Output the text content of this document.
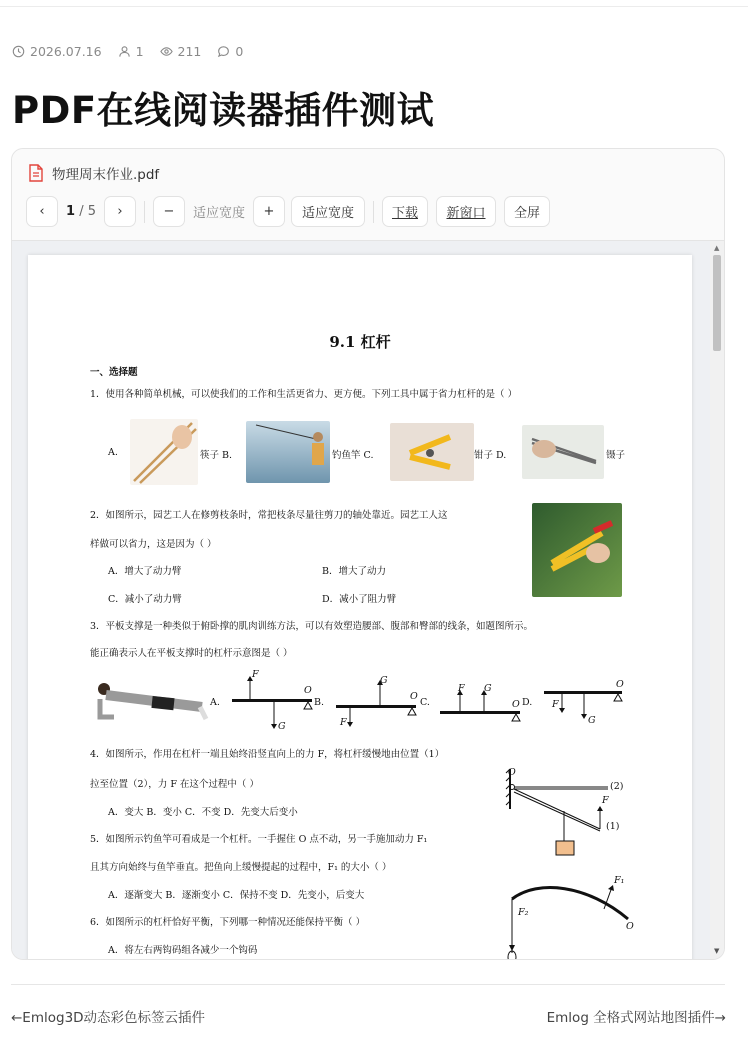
2026.07.16	1	211	0
PDF在线阅读器插件测试
物理周末作业.pdf
‹	1 / 5	›	−	适应宽度	+	适应宽度	下载	新窗口	全屏
9.1 杠杆
一、选择题
1．使用各种简单机械，可以使我们的工作和生活更省力、更方便。下列工具中属于省力杠杆的是（ ）
A.	筷子 B.	钓鱼竿 C.	钳子 D.	镊子
2．如图所示，园艺工人在修剪枝条时，常把枝条尽量往剪刀的轴处靠近。园艺工人这
样做可以省力，这是因为（ ）
A．增大了动力臂	B．增大了动力
C．减小了动力臂	D．减小了阻力臂
3．平板支撑是一种类似于俯卧撑的肌肉训练方法，可以有效塑造腰部、腹部和臀部的线条，如题图所示。
能正确表示人在平板支撑时的杠杆示意图是（ ）
A.
F
G
O
B.
G
F
O
C.
F G
O D. F
G
O
4．如图所示，作用在杠杆一端且始终沿竖直向上的力 F，将杠杆缓慢地由位置（1）
拉至位置（2），力 F 在这个过程中（ ）
A．变大 B．变小 C．不变 D．先变大后变小
O
(2)
F
(1)
5．如图所示钓鱼竿可看成是一个杠杆。一手握住 O 点不动，另一手施加动力 F₁
且其方向始终与鱼竿垂直。把鱼向上缓慢提起的过程中，F₁ 的大小（ ）
A．逐渐变大 B．逐渐变小 C．保持不变 D．先变小，后变大
F₁
F₂
O
6．如图所示的杠杆恰好平衡，下列哪一种情况还能保持平衡（ ）
A．将左右两钩码组各减少一个钩码
▲
▼
←Emlog3D动态彩色标签云插件	Emlog 全格式网站地图插件→
